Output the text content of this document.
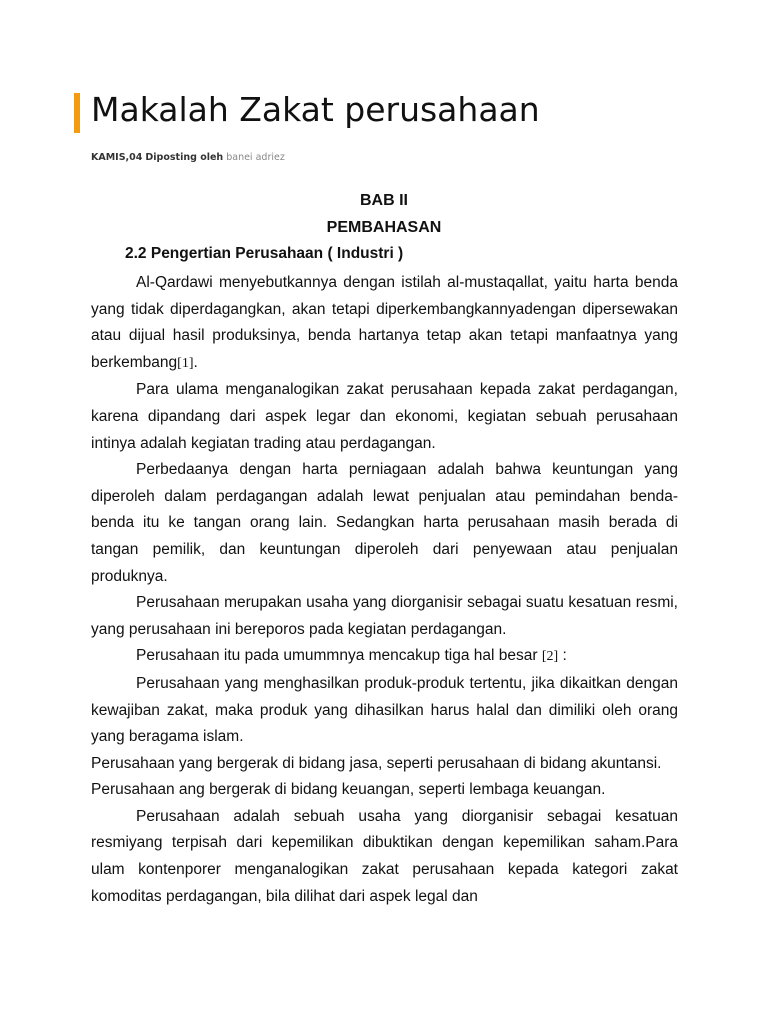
Makalah Zakat perusahaan
KAMIS,04 Diposting oleh banei adriez
BAB II
PEMBAHASAN
2.2 Pengertian Perusahaan ( Industri )

Al-Qardawi menyebutkannya dengan istilah al-mustaqallat, yaitu harta benda yang tidak diperdagangkan, akan tetapi diperkembangkannyadengan dipersewakan atau dijual hasil produksinya, benda hartanya tetap akan tetapi manfaatnya yang berkembang[1].

Para ulama menganalogikan zakat perusahaan kepada zakat perdagangan, karena dipandang dari aspek legar dan ekonomi, kegiatan sebuah perusahaan intinya adalah kegiatan trading atau perdagangan.

Perbedaanya dengan harta perniagaan adalah bahwa keuntungan yang diperoleh dalam perdagangan adalah lewat penjualan atau pemindahan benda-benda itu ke tangan orang lain. Sedangkan harta perusahaan masih berada di tangan pemilik, dan keuntungan diperoleh dari penyewaan atau penjualan produknya.

Perusahaan merupakan usaha yang diorganisir sebagai suatu kesatuan resmi, yang perusahaan ini bereporos pada kegiatan perdagangan.

Perusahaan itu pada umummnya mencakup tiga hal besar [2] :

Perusahaan yang menghasilkan produk-produk tertentu, jika dikaitkan dengan kewajiban zakat, maka produk yang dihasilkan harus halal dan dimiliki oleh orang yang beragama islam.

Perusahaan yang bergerak di bidang jasa, seperti perusahaan di bidang akuntansi.

Perusahaan ang bergerak di bidang keuangan, seperti lembaga keuangan.

Perusahaan adalah sebuah usaha yang diorganisir sebagai kesatuan resmiyang terpisah dari kepemilikan dibuktikan dengan kepemilikan saham.Para ulam kontenporer menganalogikan zakat perusahaan kepada kategori zakat komoditas perdagangan, bila dilihat dari aspek legal dan
